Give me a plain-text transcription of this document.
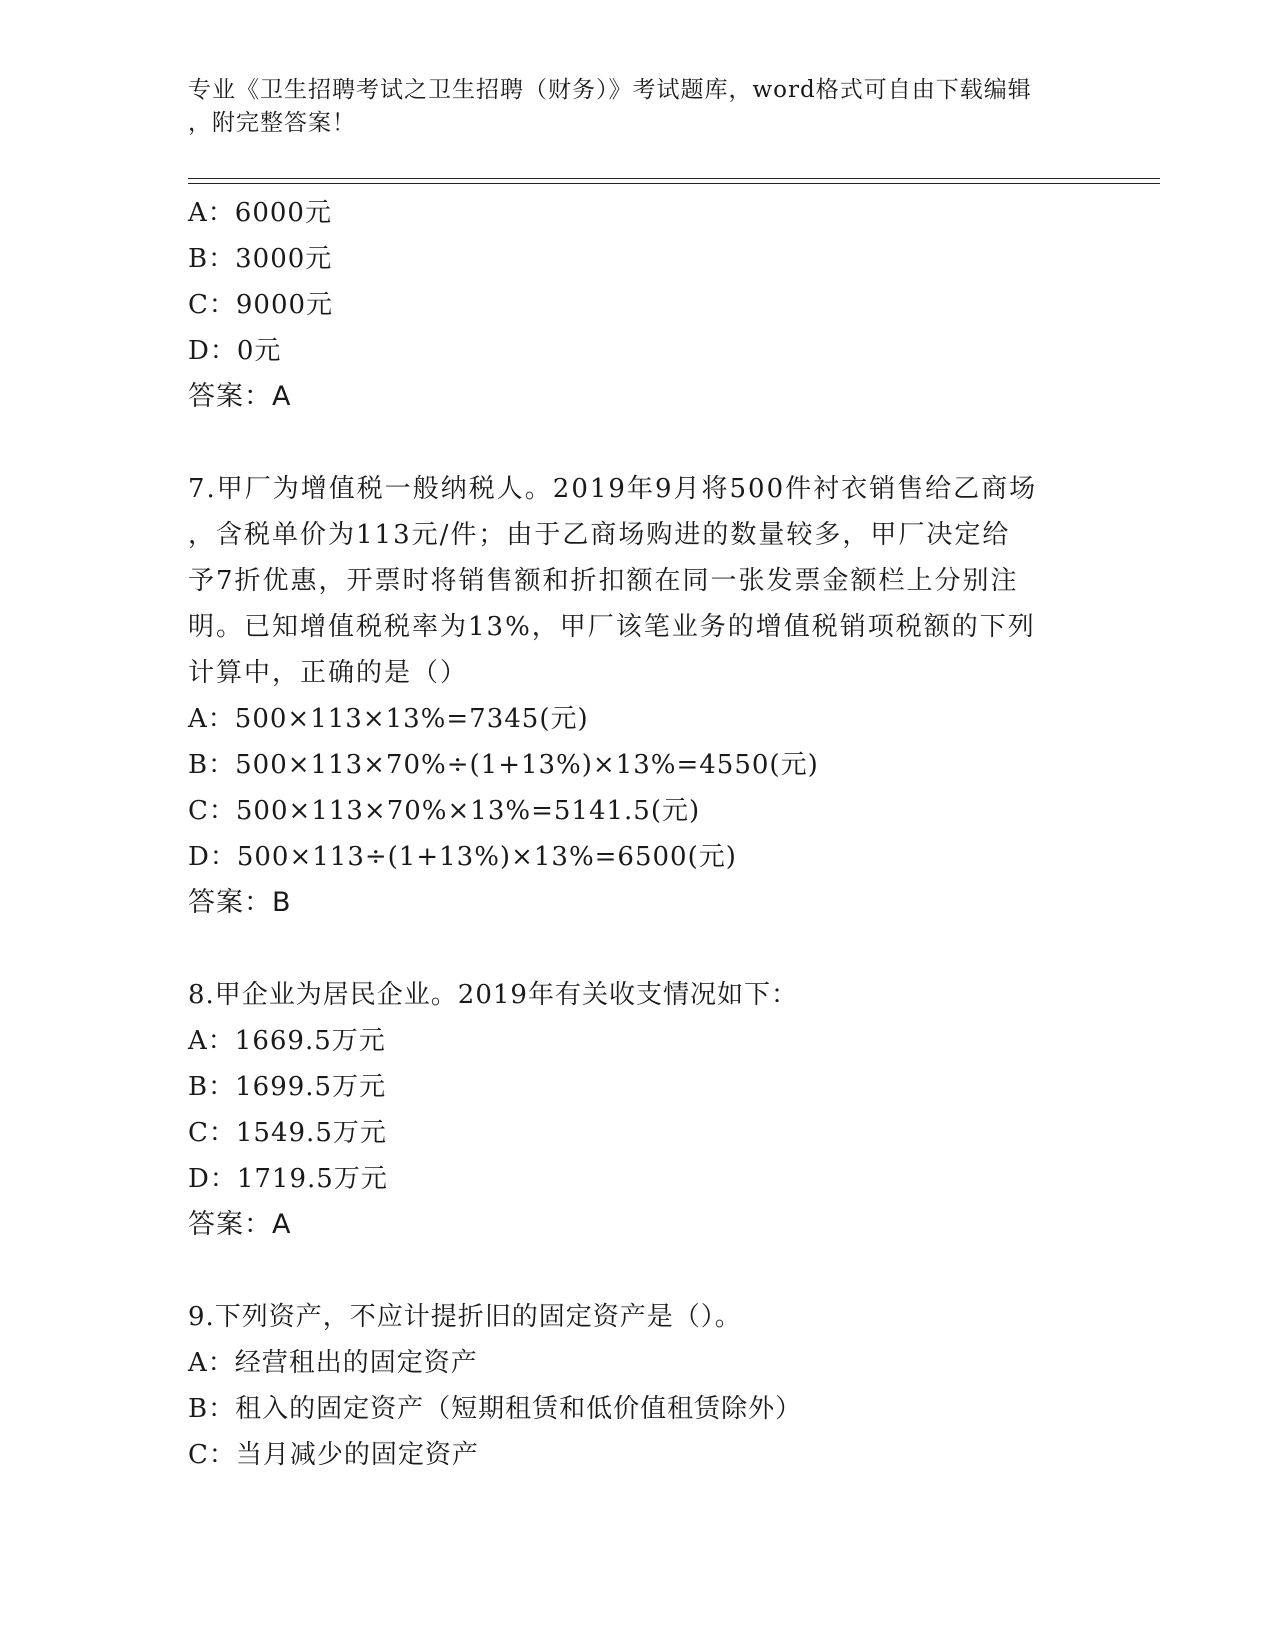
专业《卫生招聘考试之卫生招聘（财务）》考试题库，word格式可自由下载编辑
，附完整答案！
A：6000元
B：3000元
C：9000元
D：0元
答案：A
7.甲厂为增值税一般纳税人。2019年9月将500件衬衣销售给乙商场
，含税单价为113元/件；由于乙商场购进的数量较多，甲厂决定给
予7折优惠，开票时将销售额和折扣额在同一张发票金额栏上分别注
明。已知增值税税率为13%，甲厂该笔业务的增值税销项税额的下列
计算中，正确的是（）
A：500×113×13%=7345(元)
B：500×113×70%÷(1+13%)×13%=4550(元)
C：500×113×70%×13%=5141.5(元)
D：500×113÷(1+13%)×13%=6500(元)
答案：B
8.甲企业为居民企业。2019年有关收支情况如下：
A：1669.5万元
B：1699.5万元
C：1549.5万元
D：1719.5万元
答案：A
9.下列资产，不应计提折旧的固定资产是（）。
A：经营租出的固定资产
B：租入的固定资产（短期租赁和低价值租赁除外）
C：当月减少的固定资产
